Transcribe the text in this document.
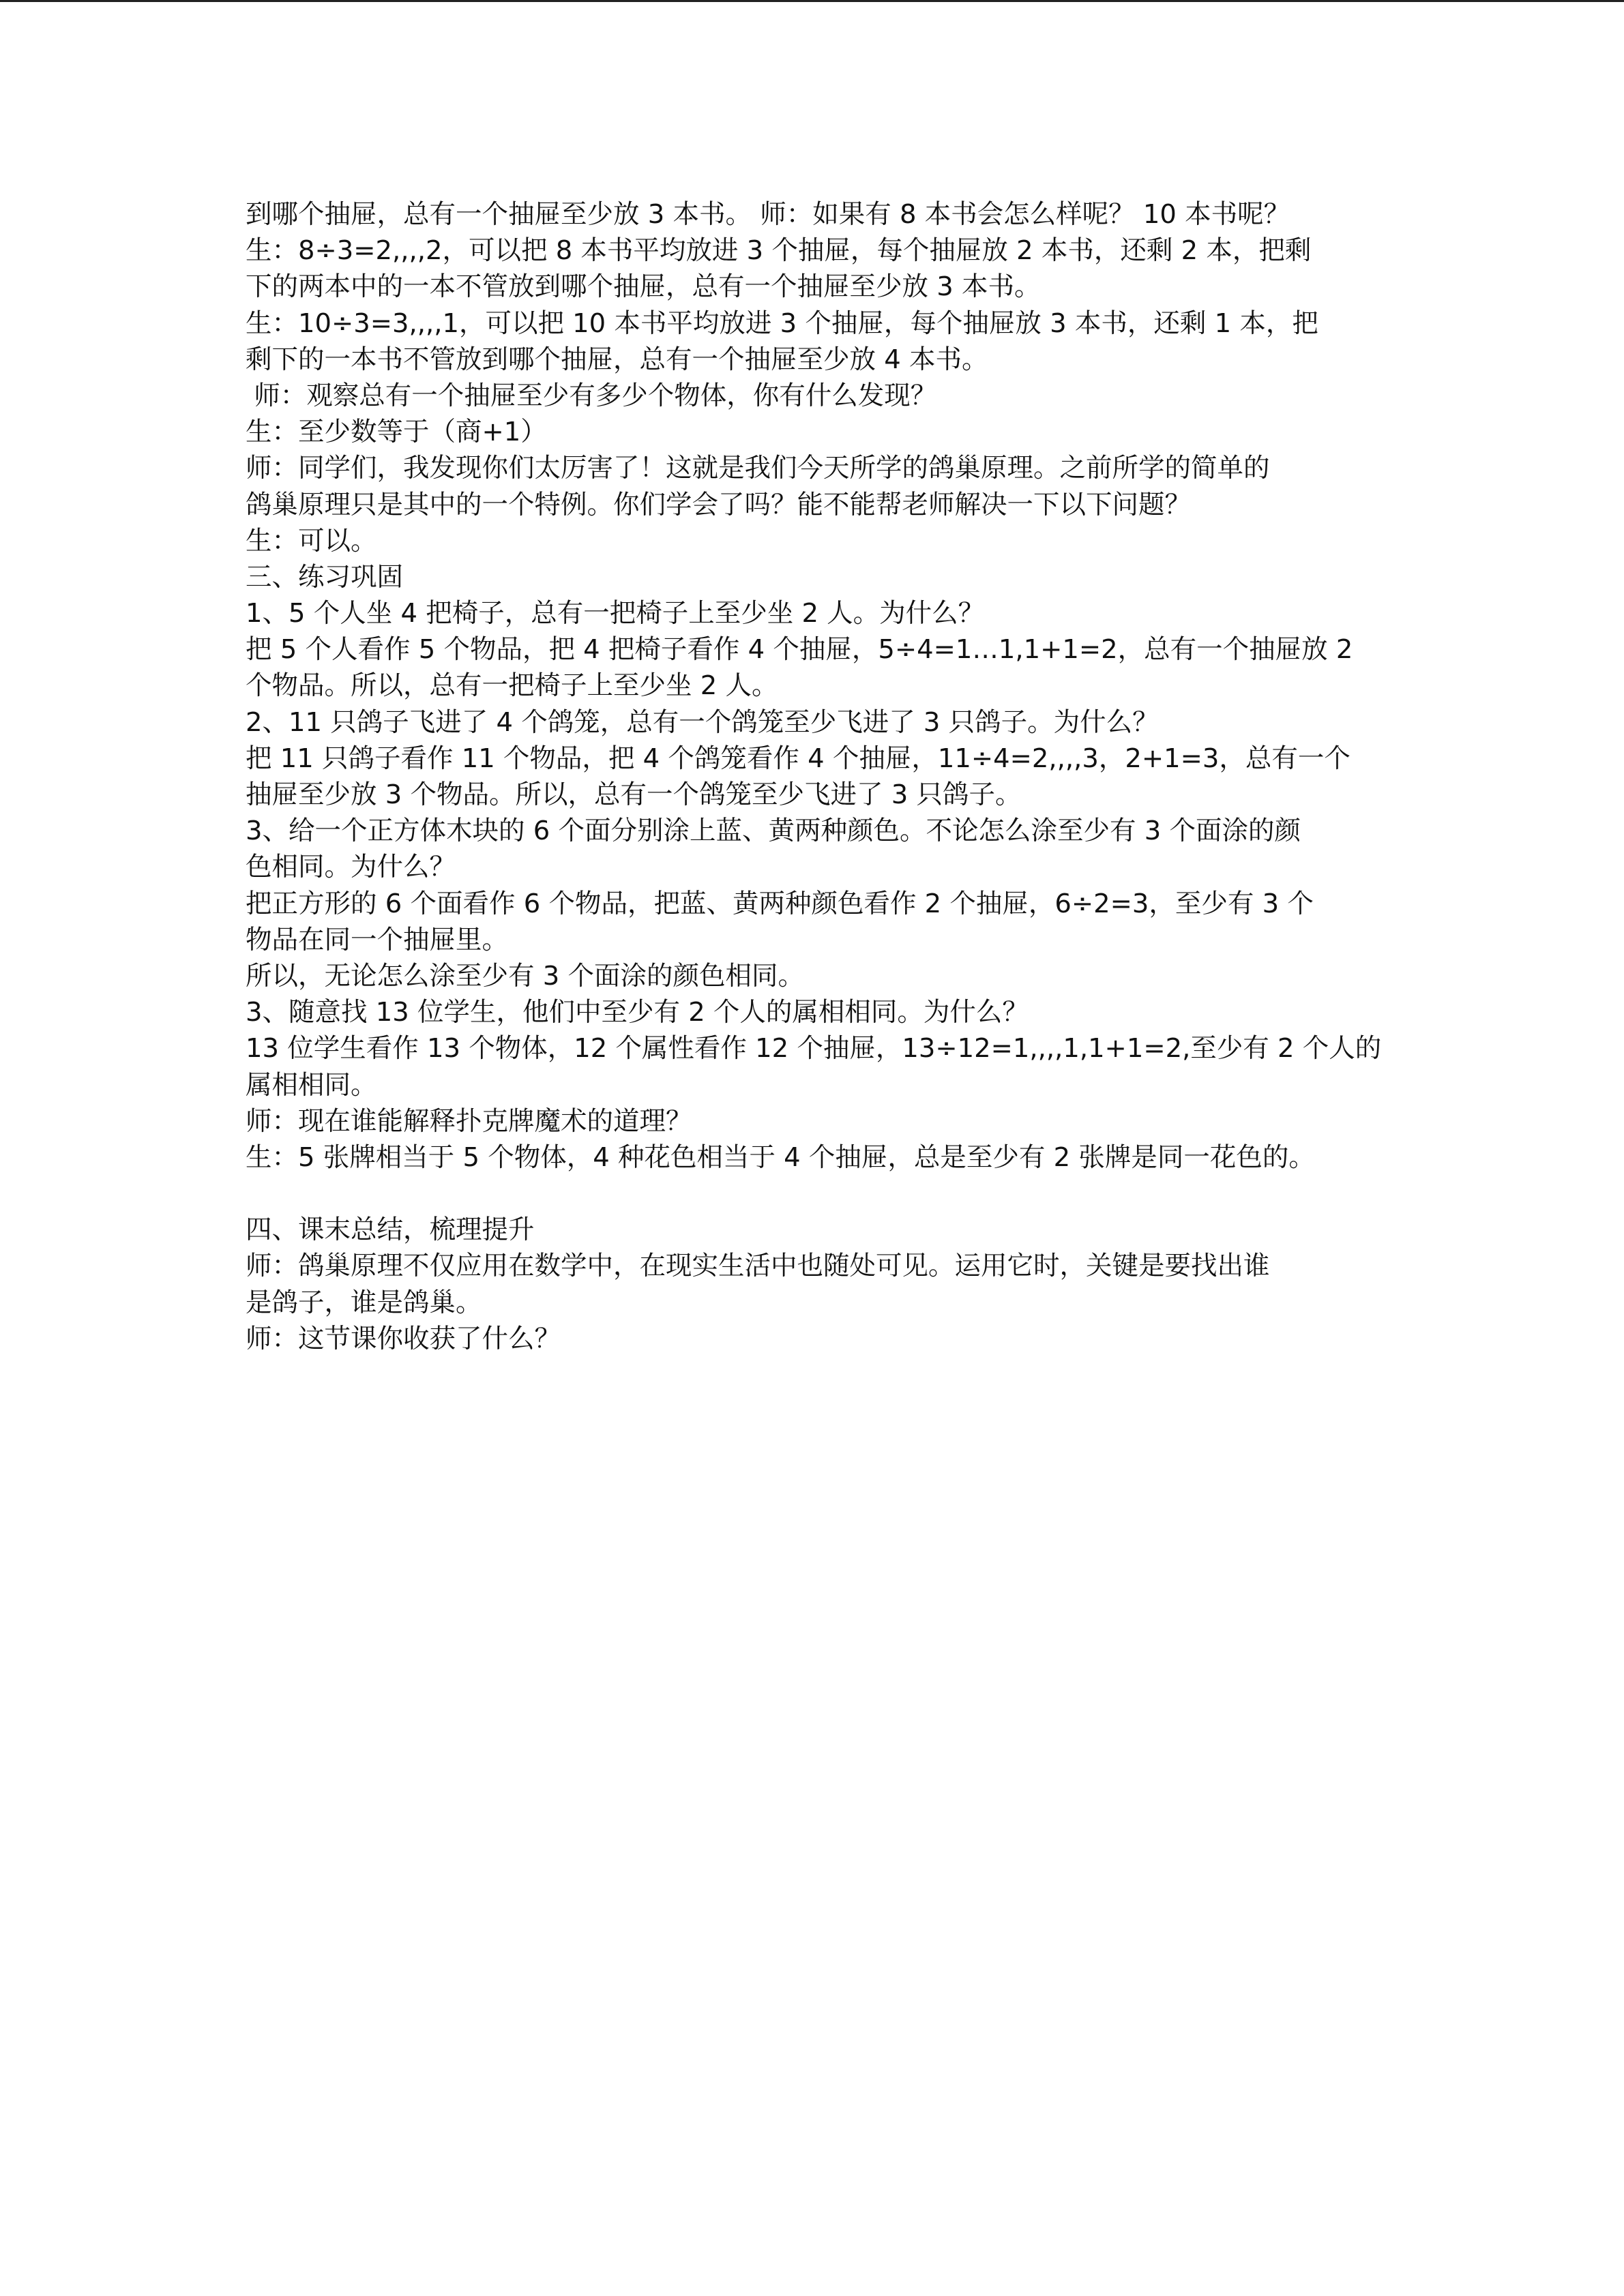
到哪个抽屉，总有一个抽屉至少放 3 本书。 师：如果有 8 本书会怎么样呢？ 10 本书呢？
生：8÷3=2,,,,2，可以把 8 本书平均放进 3 个抽屉，每个抽屉放 2 本书，还剩 2 本，把剩
下的两本中的一本不管放到哪个抽屉，总有一个抽屉至少放 3 本书。
生：10÷3=3,,,,1，可以把 10 本书平均放进 3 个抽屉，每个抽屉放 3 本书，还剩 1 本，把
剩下的一本书不管放到哪个抽屉，总有一个抽屉至少放 4 本书。
师：观察总有一个抽屉至少有多少个物体，你有什么发现？
生：至少数等于（商+1）
师：同学们，我发现你们太厉害了！这就是我们今天所学的鸽巢原理。之前所学的简单的
鸽巢原理只是其中的一个特例。你们学会了吗？能不能帮老师解决一下以下问题？
生：可以。
三、练习巩固
1、5 个人坐 4 把椅子，总有一把椅子上至少坐 2 人。为什么？
把 5 个人看作 5 个物品，把 4 把椅子看作 4 个抽屉，5÷4=1…1,1+1=2，总有一个抽屉放 2
个物品。所以，总有一把椅子上至少坐 2 人。
2、11 只鸽子飞进了 4 个鸽笼，总有一个鸽笼至少飞进了 3 只鸽子。为什么？
把 11 只鸽子看作 11 个物品，把 4 个鸽笼看作 4 个抽屉，11÷4=2,,,,3，2+1=3，总有一个
抽屉至少放 3 个物品。所以，总有一个鸽笼至少飞进了 3 只鸽子。
3、给一个正方体木块的 6 个面分别涂上蓝、黄两种颜色。不论怎么涂至少有 3 个面涂的颜
色相同。为什么？
把正方形的 6 个面看作 6 个物品，把蓝、黄两种颜色看作 2 个抽屉，6÷2=3，至少有 3 个
物品在同一个抽屉里。
所以，无论怎么涂至少有 3 个面涂的颜色相同。
3、随意找 13 位学生，他们中至少有 2 个人的属相相同。为什么？
13 位学生看作 13 个物体，12 个属性看作 12 个抽屉，13÷12=1,,,,1,1+1=2,至少有 2 个人的
属相相同。
师：现在谁能解释扑克牌魔术的道理？
生：5 张牌相当于 5 个物体，4 种花色相当于 4 个抽屉，总是至少有 2 张牌是同一花色的。
四、课末总结，梳理提升
师：鸽巢原理不仅应用在数学中，在现实生活中也随处可见。运用它时，关键是要找出谁
是鸽子，谁是鸽巢。
师：这节课你收获了什么？
